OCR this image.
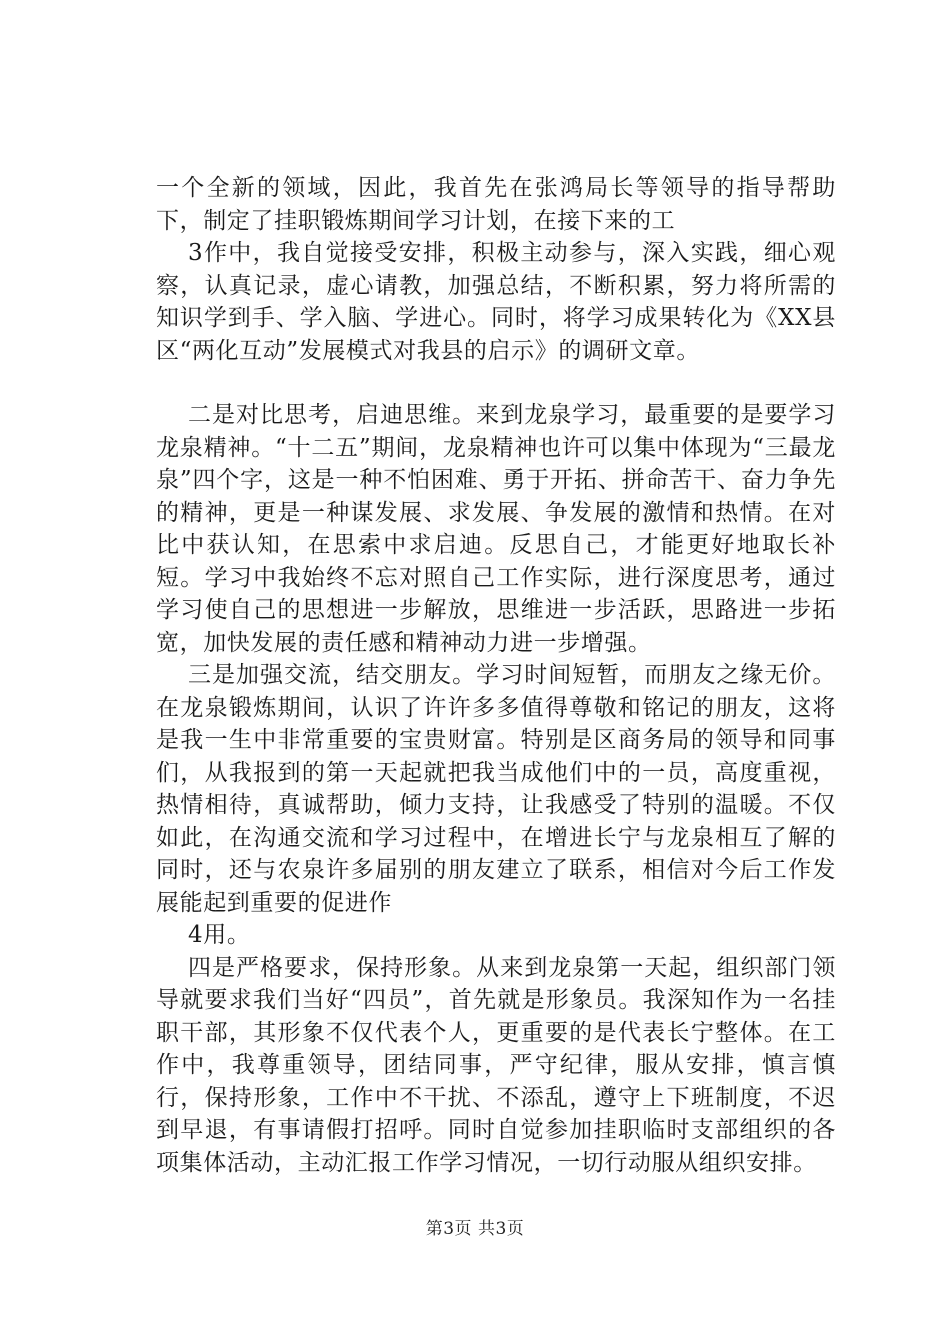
一个全新的领域，因此，我首先在张鸿局长等领导的指导帮助下，制定了挂职锻炼期间学习计划，在接下来的工

3作中，我自觉接受安排，积极主动参与，深入实践，细心观察，认真记录，虚心请教，加强总结，不断积累，努力将所需的知识学到手、学入脑、学进心。同时，将学习成果转化为《XX县区“两化互动”发展模式对我县的启示》的调研文章。

二是对比思考，启迪思维。来到龙泉学习，最重要的是要学习龙泉精神。“十二五”期间，龙泉精神也许可以集中体现为“三最龙泉”四个字，这是一种不怕困难、勇于开拓、拼命苦干、奋力争先的精神，更是一种谋发展、求发展、争发展的激情和热情。在对比中获认知，在思索中求启迪。反思自己，才能更好地取长补短。学习中我始终不忘对照自己工作实际，进行深度思考，通过学习使自己的思想进一步解放，思维进一步活跃，思路进一步拓宽，加快发展的责任感和精神动力进一步增强。

三是加强交流，结交朋友。学习时间短暂，而朋友之缘无价。在龙泉锻炼期间，认识了许许多多值得尊敬和铭记的朋友，这将是我一生中非常重要的宝贵财富。特别是区商务局的领导和同事们，从我报到的第一天起就把我当成他们中的一员，高度重视，热情相待，真诚帮助，倾力支持，让我感受了特别的温暖。不仅如此，在沟通交流和学习过程中，在增进长宁与龙泉相互了解的同时，还与农泉许多届别的朋友建立了联系，相信对今后工作发展能起到重要的促进作

4用。

四是严格要求，保持形象。从来到龙泉第一天起，组织部门领导就要求我们当好“四员”，首先就是形象员。我深知作为一名挂职干部，其形象不仅代表个人，更重要的是代表长宁整体。在工作中，我尊重领导，团结同事，严守纪律，服从安排，慎言慎行，保持形象，工作中不干扰、不添乱，遵守上下班制度，不迟到早退，有事请假打招呼。同时自觉参加挂职临时支部组织的各项集体活动，主动汇报工作学习情况，一切行动服从组织安排。

第3页 共3页
